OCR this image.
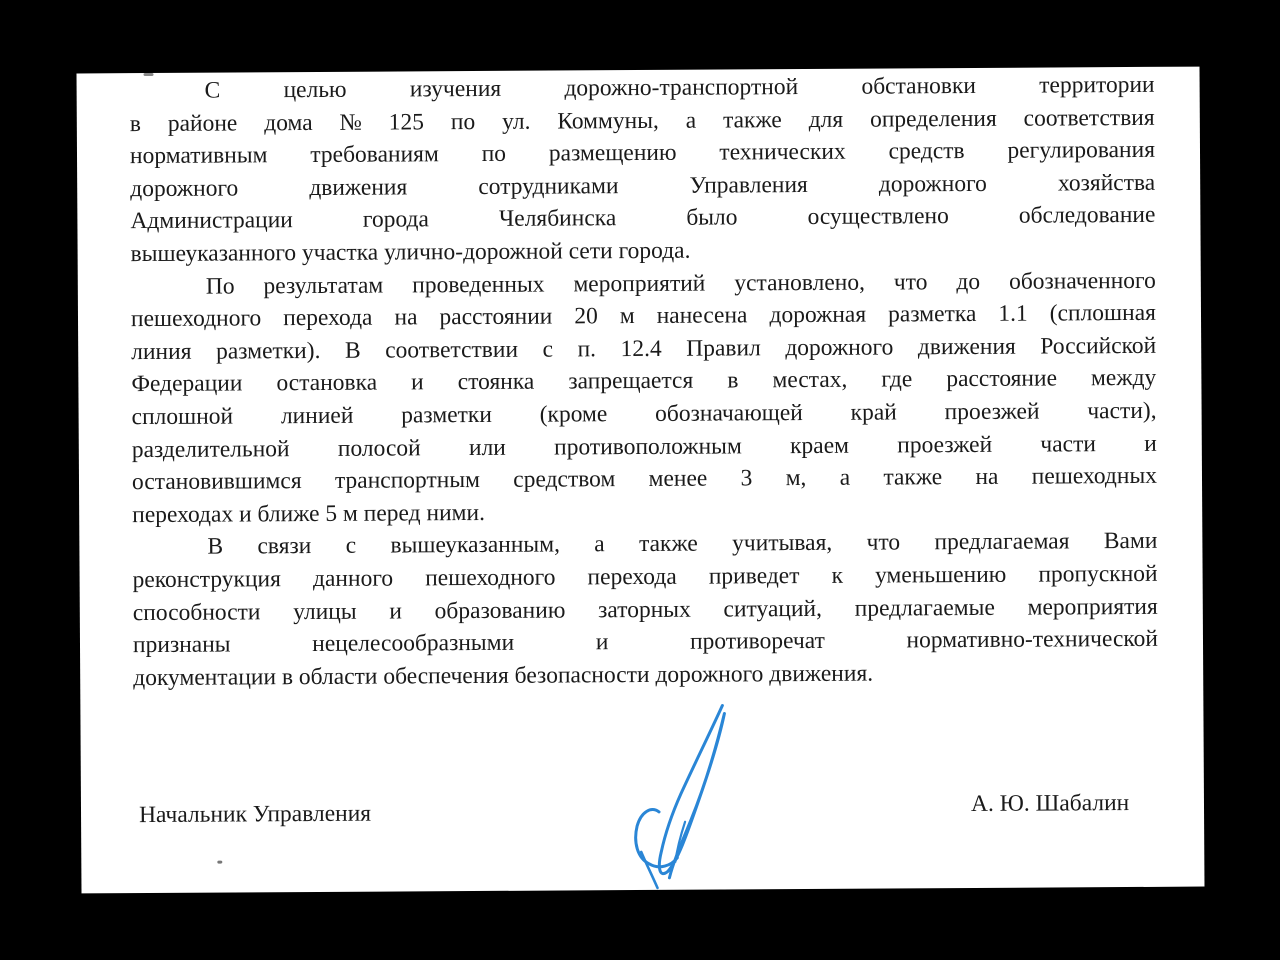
С	целью	изучения	дорожно-транспортной	обстановки	территории
в районе дома № 125 по ул. Коммуны, а также для определения соответствия
нормативным требованиям по размещению технических средств регулирования
дорожного	движения	сотрудниками	Управления	дорожного	хозяйства
Администрации	города	Челябинска	было	осуществлено	обследование
вышеуказанного участка улично-дорожной сети города.
По результатам проведенных мероприятий установлено, что до обозначенного
пешеходного перехода на расстоянии 20 м нанесена дорожная разметка 1.1 (сплошная
линия разметки). В соответствии с п. 12.4 Правил дорожного движения Российской
Федерации остановка и стоянка запрещается в местах, где расстояние между
сплошной линией разметки (кроме обозначающей край проезжей части),
разделительной полосой или противоположным краем проезжей части и
остановившимся транспортным средством менее 3 м, а также на пешеходных
переходах и ближе 5 м перед ними.
В связи с вышеуказанным, а также учитывая, что предлагаемая Вами
реконструкция данного пешеходного перехода приведет к уменьшению пропускной
способности улицы и образованию заторных ситуаций, предлагаемые мероприятия
признаны	нецелесообразными	и	противоречат	нормативно-технической
документации в области обеспечения безопасности дорожного движения.
Начальник Управления	А. Ю. Шабалин
